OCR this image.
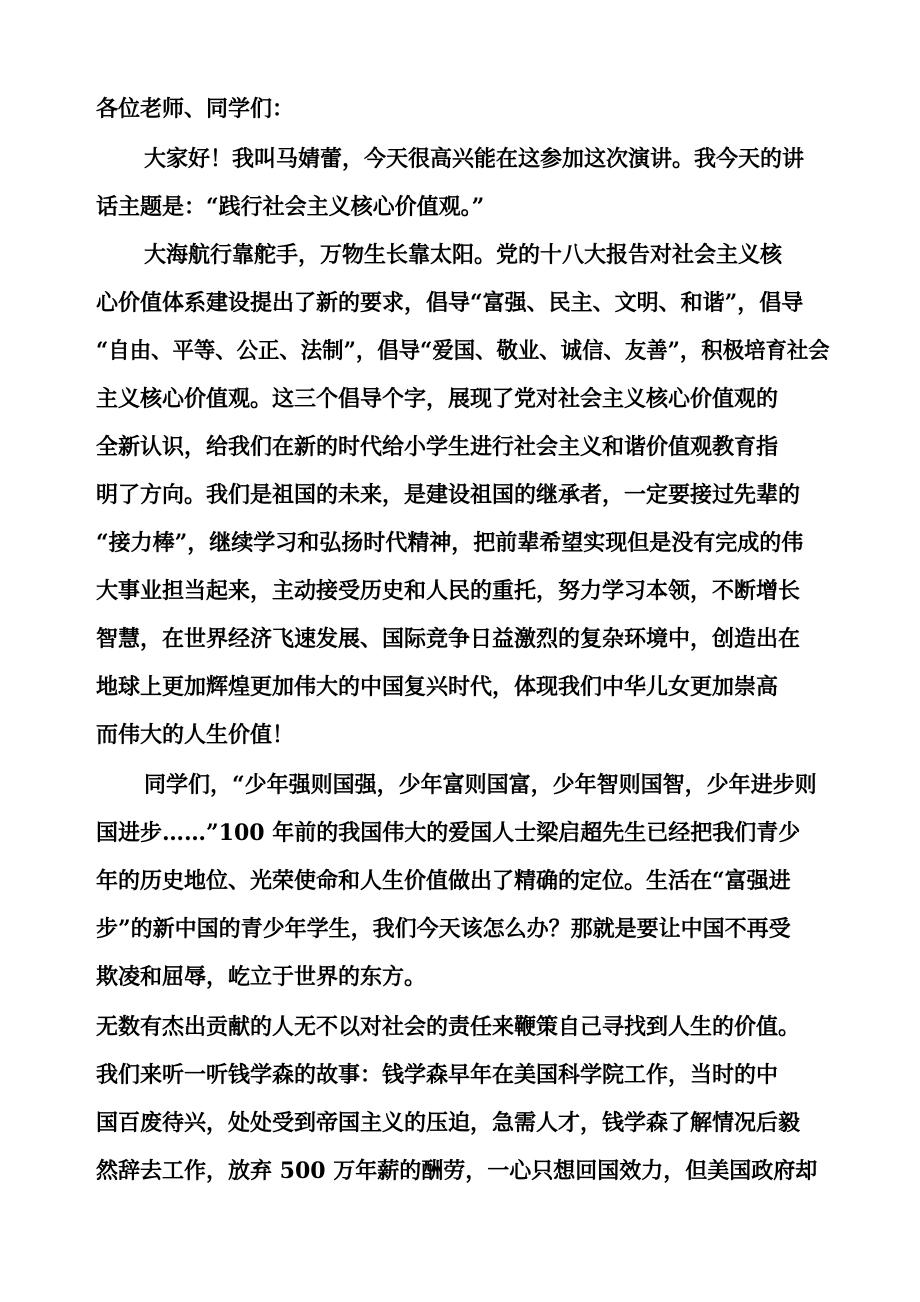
各位老师、同学们：
大家好！我叫马婧蕾，今天很高兴能在这参加这次演讲。我今天的讲
话主题是：“践行社会主义核心价值观。”
大海航行靠舵手，万物生长靠太阳。党的十八大报告对社会主义核
心价值体系建设提出了新的要求，倡导“富强、民主、文明、和谐”，倡导
“自由、平等、公正、法制”，倡导“爱国、敬业、诚信、友善”，积极培育社会
主义核心价值观。这三个倡导个字，展现了党对社会主义核心价值观的
全新认识，给我们在新的时代给小学生进行社会主义和谐价值观教育指
明了方向。我们是祖国的未来，是建设祖国的继承者，一定要接过先辈的
“接力棒”，继续学习和弘扬时代精神，把前辈希望实现但是没有完成的伟
大事业担当起来，主动接受历史和人民的重托，努力学习本领，不断增长
智慧，在世界经济飞速发展、国际竞争日益激烈的复杂环境中，创造出在
地球上更加辉煌更加伟大的中国复兴时代，体现我们中华儿女更加崇高
而伟大的人生价值！
同学们，“少年强则国强，少年富则国富，少年智则国智，少年进步则
国进步……”100 年前的我国伟大的爱国人士梁启超先生已经把我们青少
年的历史地位、光荣使命和人生价值做出了精确的定位。生活在“富强进
步”的新中国的青少年学生，我们今天该怎么办？那就是要让中国不再受
欺凌和屈辱，屹立于世界的东方。
无数有杰出贡献的人无不以对社会的责任来鞭策自己寻找到人生的价值。
我们来听一听钱学森的故事：钱学森早年在美国科学院工作，当时的中
国百废待兴，处处受到帝国主义的压迫，急需人才，钱学森了解情况后毅
然辞去工作，放弃 500 万年薪的酬劳，一心只想回国效力，但美国政府却
